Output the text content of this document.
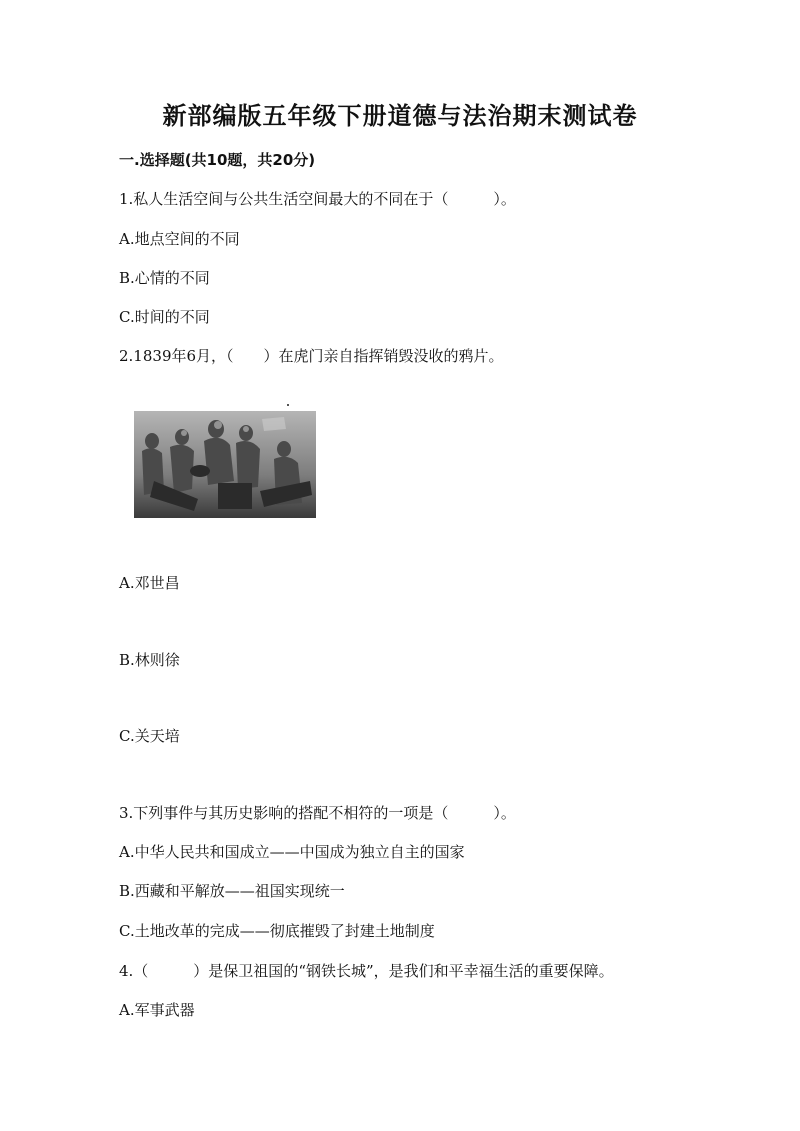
新部编版五年级下册道德与法治期末测试卷
一.选择题(共10题，共20分)
1.私人生活空间与公共生活空间最大的不同在于（　　　）。
A.地点空间的不同
B.心情的不同
C.时间的不同
2.1839年6月，（　　）在虎门亲自指挥销毁没收的鸦片。
A.邓世昌
B.林则徐
C.关天培
3.下列事件与其历史影响的搭配不相符的一项是（　　　）。
A.中华人民共和国成立——中国成为独立自主的国家
B.西藏和平解放——祖国实现统一
C.土地改革的完成——彻底摧毁了封建土地制度
4.（　　　）是保卫祖国的“钢铁长城”，是我们和平幸福生活的重要保障。
A.军事武器
